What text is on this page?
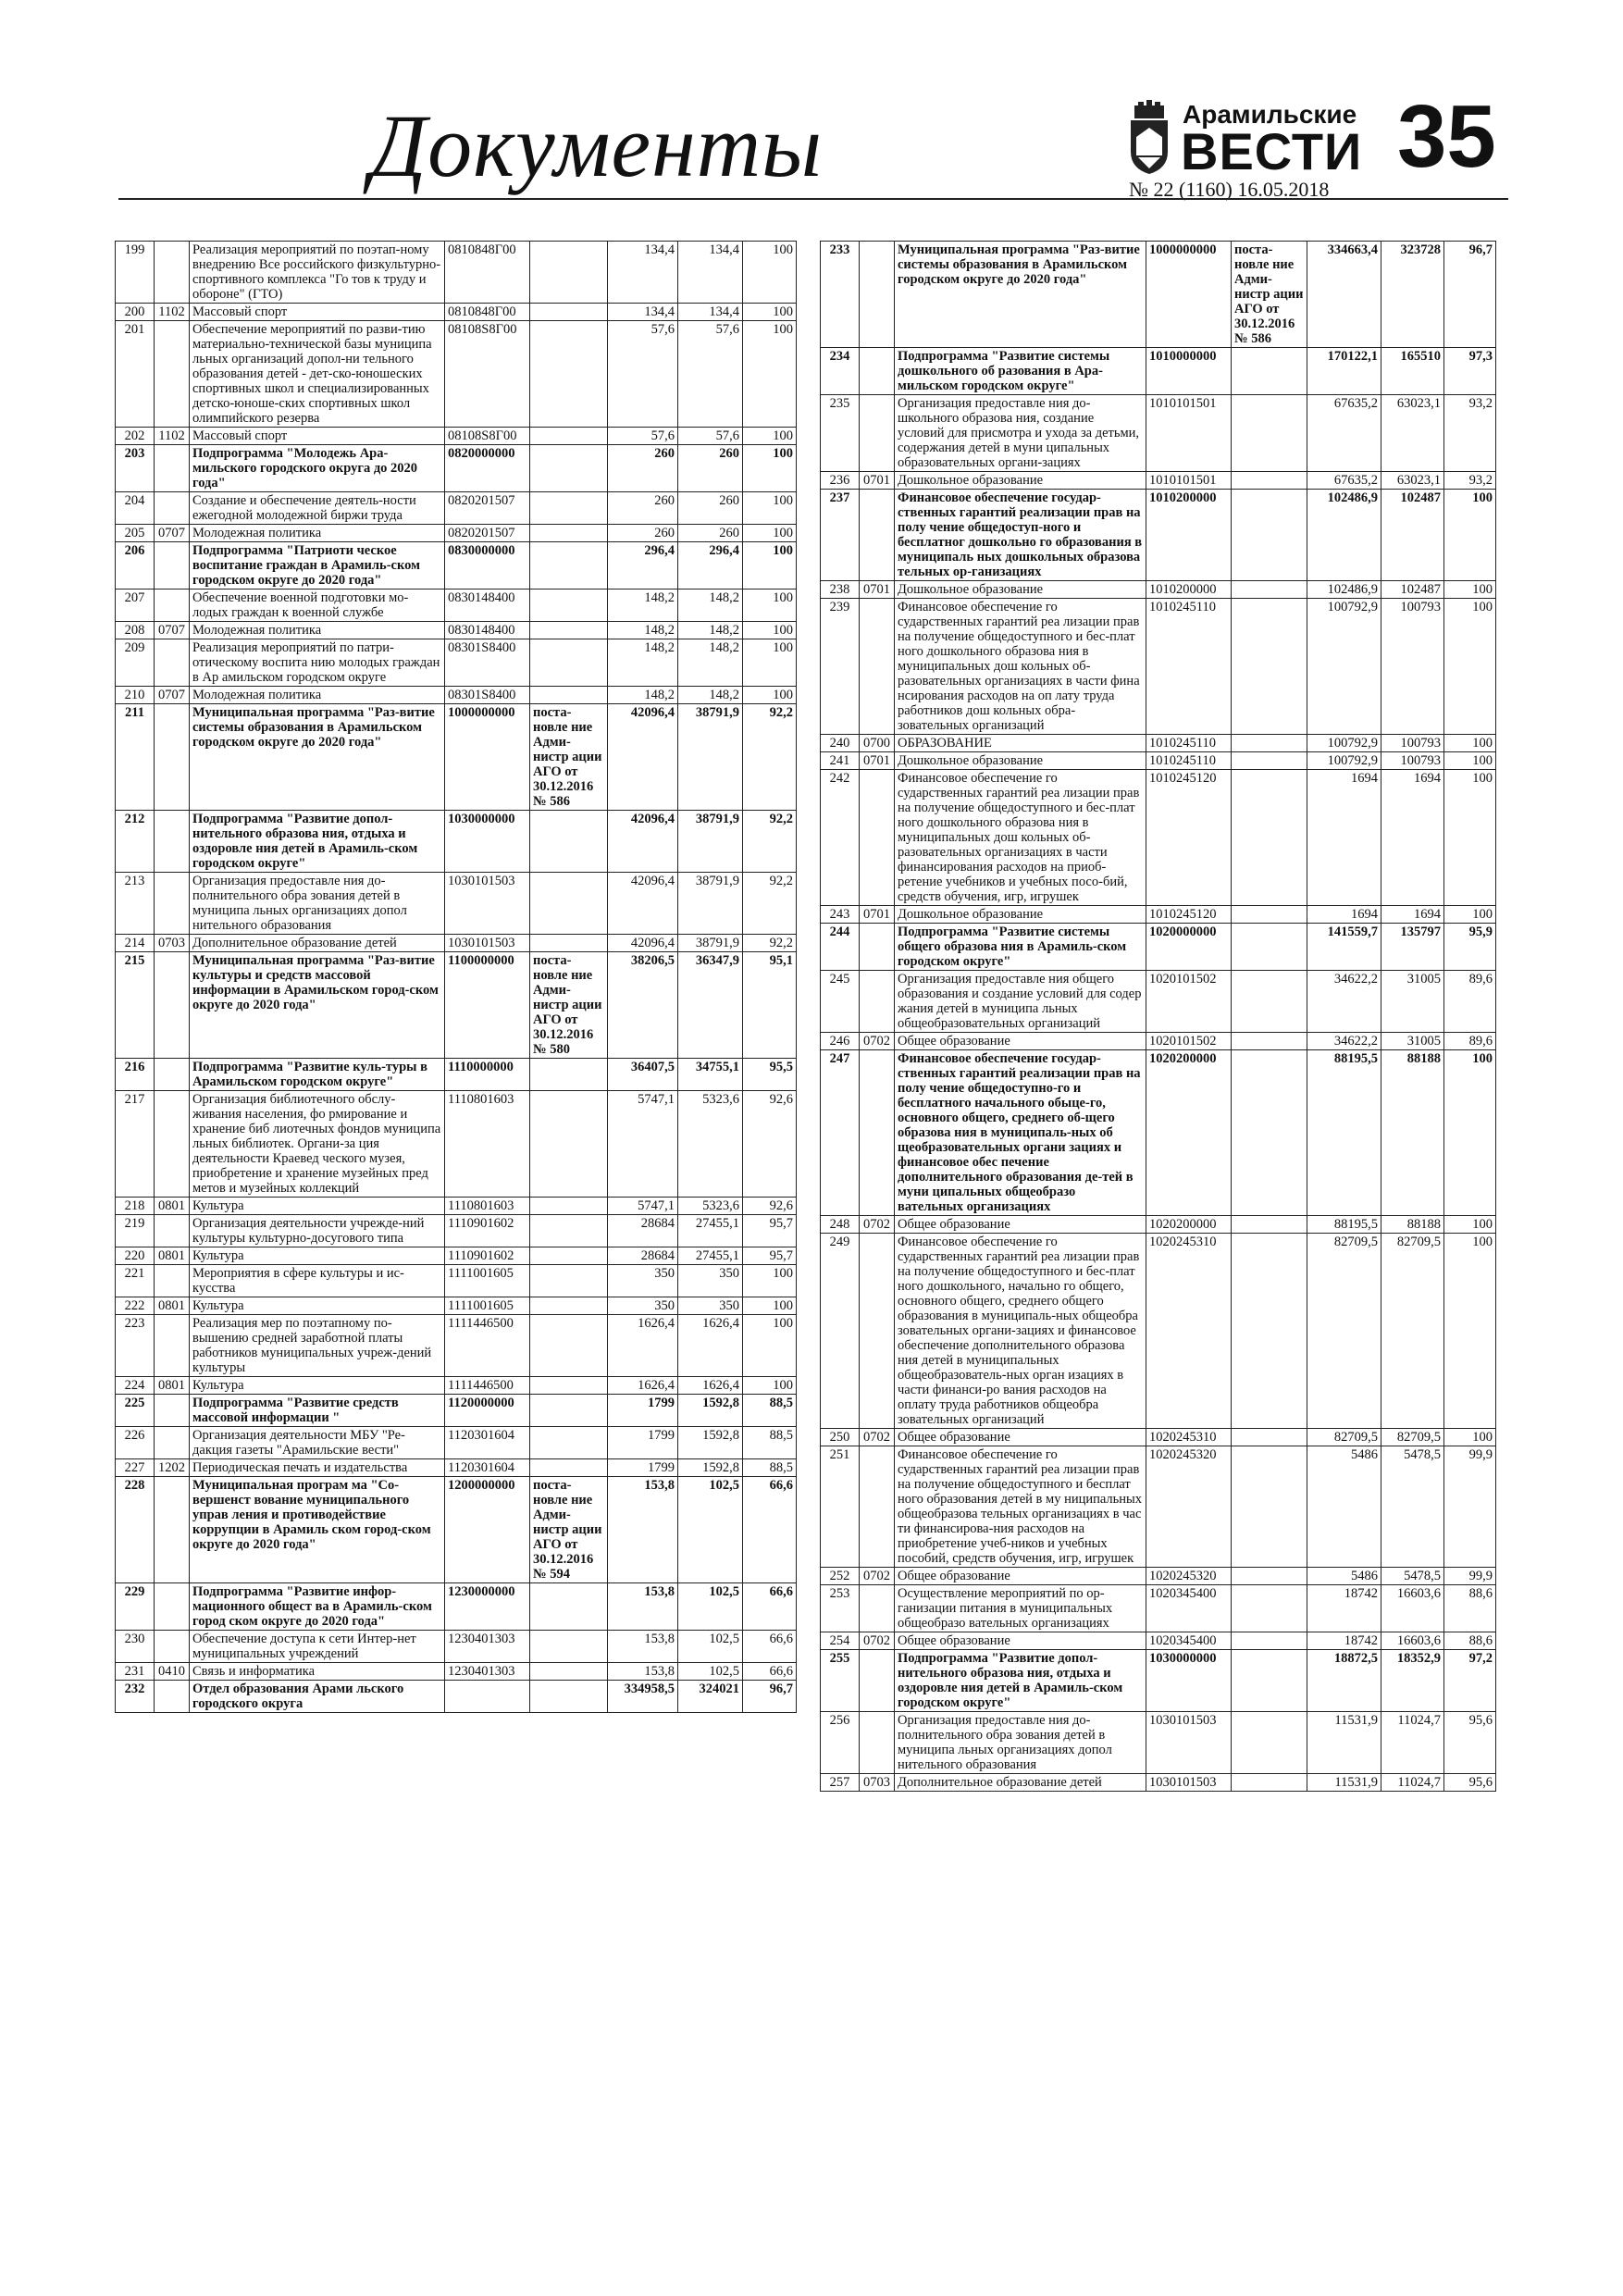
Документы	Арамильские
ВЕСТИ 35
№ 22 (1160) 16.05.2018
199		Реализация мероприятий по поэтап-ному внедрению Все российского физкультурно-спортивного комплекса "Го тов к труду и обороне" (ГТО)	0810848Г00		134,4	134,4	100
200	1102	Массовый спорт	0810848Г00		134,4	134,4	100
201		Обеспечение мероприятий по разви-тию материально-технической базы муниципа льных организаций допол-ни тельного образования детей - дет-ско-юношеских спортивных школ и специализированных детско-юноше-ских спортивных школ олимпийского резерва	08108S8Г00		57,6	57,6	100
202	1102	Массовый спорт	08108S8Г00		57,6	57,6	100
203		Подпрограмма "Молодежь Ара-мильского городского округа до 2020 года"	0820000000		260	260	100
204		Создание и обеспечение деятель-ности ежегодной молодежной биржи труда	0820201507		260	260	100
205	0707	Молодежная политика	0820201507		260	260	100
206		Подпрограмма "Патриоти ческое воспитание граждан в Арамиль-ском городском округе до 2020 года"	0830000000		296,4	296,4	100
207		Обеспечение военной подготовки мо-лодых граждан к военной службе	0830148400		148,2	148,2	100
208	0707	Молодежная политика	0830148400		148,2	148,2	100
209		Реализация мероприятий по патри-отическому воспита нию молодых граждан в Ар амильском городском округе	08301S8400		148,2	148,2	100
210	0707	Молодежная политика	08301S8400		148,2	148,2	100
211		Муниципальная программа "Раз-витие системы образования в Арамильском городском округе до 2020 года"	1000000000	поста-новле ние Адми-нистр ации АГО от 30.12.2016 № 586	42096,4	38791,9	92,2
212		Подпрограмма "Развитие допол-нительного образова ния, отдыха и оздоровле ния детей в Арамиль-ском городском округе"	1030000000		42096,4	38791,9	92,2
213		Организация предоставле ния до-полнительного обра зования детей в муниципа льных организациях допол нительного образования	1030101503		42096,4	38791,9	92,2
214	0703	Дополнительное образование детей	1030101503		42096,4	38791,9	92,2
215		Муниципальная программа "Раз-витие культуры и средств массовой информации в Арамильском город-ском округе до 2020 года"	1100000000	поста-новле ние Адми-нистр ации АГО от 30.12.2016 № 580	38206,5	36347,9	95,1
216		Подпрограмма "Развитие куль-туры в Арамильском городском округе"	1110000000		36407,5	34755,1	95,5
217		Организация библиотечного обслу-живания населения, фо рмирование и хранение биб лиотечных фондов муниципа льных библиотек. Органи-за ция деятельности Краевед ческого музея, приобретение и хранение музейных пред метов и музейных коллекций	1110801603		5747,1	5323,6	92,6
218	0801	Культура	1110801603		5747,1	5323,6	92,6
219		Организация деятельности учрежде-ний культуры культурно-досугового типа	1110901602		28684	27455,1	95,7
220	0801	Культура	1110901602		28684	27455,1	95,7
221		Мероприятия в сфере культуры и ис-кусства	1111001605		350	350	100
222	0801	Культура	1111001605		350	350	100
223		Реализация мер по поэтапному по-вышению средней заработной платы работников муниципальных учреж-дений культуры	1111446500		1626,4	1626,4	100
224	0801	Культура	1111446500		1626,4	1626,4	100
225		Подпрограмма "Развитие средств массовой информации "	1120000000		1799	1592,8	88,5
226		Организация деятельности МБУ "Ре-дакция газеты "Арамильские вести"	1120301604		1799	1592,8	88,5
227	1202	Периодическая печать и издательства	1120301604		1799	1592,8	88,5
228		Муниципальная програм ма "Со-вершенст вование муниципального управ ления и противодействие коррупции в Арамиль ском город-ском округе до 2020 года"	1200000000	поста-новле ние Адми-нистр ации АГО от 30.12.2016 № 594	153,8	102,5	66,6
229		Подпрограмма "Развитие инфор-мационного общест ва в Арамиль-ском город ском округе до 2020 года"	1230000000		153,8	102,5	66,6
230		Обеспечение доступа к сети Интер-нет муниципальных учреждений	1230401303		153,8	102,5	66,6
231	0410	Связь и информатика	1230401303		153,8	102,5	66,6
232		Отдел образования Арами льского городского округа			334958,5	324021	96,7
233		Муниципальная программа "Раз-витие системы образования в Арамильском городском округе до 2020 года"	1000000000	поста-новле ние Адми-нистр ации АГО от 30.12.2016 № 586	334663,4	323728	96,7
234		Подпрограмма "Развитие системы дошкольного об разования в Ара-мильском городском округе"	1010000000		170122,1	165510	97,3
235		Организация предоставле ния до-школьного образова ния, создание условий для присмотра и ухода за детьми, содержания детей в муни ципальных образовательных органи-зациях	1010101501		67635,2	63023,1	93,2
236	0701	Дошкольное образование	1010101501		67635,2	63023,1	93,2
237		Финансовое обеспечение государ-ственных гарантий реализации прав на полу чение общедоступ-ного и бесплатног дошкольно го образования в муниципаль ных дошкольных образова тельных ор-ганизациях	1010200000		102486,9	102487	100
238	0701	Дошкольное образование	1010200000		102486,9	102487	100
239		Финансовое обеспечение го сударственных гарантий реа лизации прав на получение общедоступного и бес-плат ного дошкольного образова ния в муниципальных дош кольных об-разовательных организациях в части фина нсирования расходов на оп лату труда работников дош кольных обра-зовательных организаций	1010245110		100792,9	100793	100
240	0700	ОБРАЗОВАНИЕ	1010245110		100792,9	100793	100
241	0701	Дошкольное образование	1010245110		100792,9	100793	100
242		Финансовое обеспечение го сударственных гарантий реа лизации прав на получение общедоступного и бес-плат ного дошкольного образова ния в муниципальных дош кольных об-разовательных организациях в части финансирования расходов на приоб-ретение учебников и учебных посо-бий, средств обучения, игр, игрушек	1010245120		1694	1694	100
243	0701	Дошкольное образование	1010245120		1694	1694	100
244		Подпрограмма "Развитие системы общего образова ния в Арамиль-ском городском округе"	1020000000		141559,7	135797	95,9
245		Организация предоставле ния общего образования и создание условий для содер жания детей в муниципа льных общеобразовательных организаций	1020101502		34622,2	31005	89,6
246	0702	Общее образование	1020101502		34622,2	31005	89,6
247		Финансовое обеспечение государ-ственных гарантий реализации прав на полу чение общедоступно-го и бесплатного начального обыце-го, основного общего, среднего об-щего образова ния в муниципаль-ных об щеобразовательных органи зациях и финансовое обес печение дополнительного образования де-тей в муни ципальных общеобразо вательных организациях	1020200000		88195,5	88188	100
248	0702	Общее образование	1020200000		88195,5	88188	100
249		Финансовое обеспечение го сударственных гарантий реа лизации прав на получение общедоступного и бес-плат ного дошкольного, начально го общего, основного общего, среднего общего образования в муниципаль-ных общеобра зовательных органи-зациях и финансовое обеспечение дополнительного образова ния детей в муниципальных общеобразователь-ных орган изациях в части финанси-ро вания расходов на оплату труда работников общеобра зовательных организаций	1020245310		82709,5	82709,5	100
250	0702	Общее образование	1020245310		82709,5	82709,5	100
251		Финансовое обеспечение го сударственных гарантий реа лизации прав на получение общедоступного и бесплат ного образования детей в му ниципальных общеобразова тельных организациях в час ти финансирова-ния расходов на приобретение учеб-ников и учебных пособий, средств обучения, игр, игрушек	1020245320		5486	5478,5	99,9
252	0702	Общее образование	1020245320		5486	5478,5	99,9
253		Осуществление мероприятий по ор-ганизации питания в муниципальных общеобразо вательных организациях	1020345400		18742	16603,6	88,6
254	0702	Общее образование	1020345400		18742	16603,6	88,6
255		Подпрограмма "Развитие допол-нительного образова ния, отдыха и оздоровле ния детей в Арамиль-ском городском округе"	1030000000		18872,5	18352,9	97,2
256		Организация предоставле ния до-полнительного обра зования детей в муниципа льных организациях допол нительного образования	1030101503		11531,9	11024,7	95,6
257	0703	Дополнительное образование детей	1030101503		11531,9	11024,7	95,6
